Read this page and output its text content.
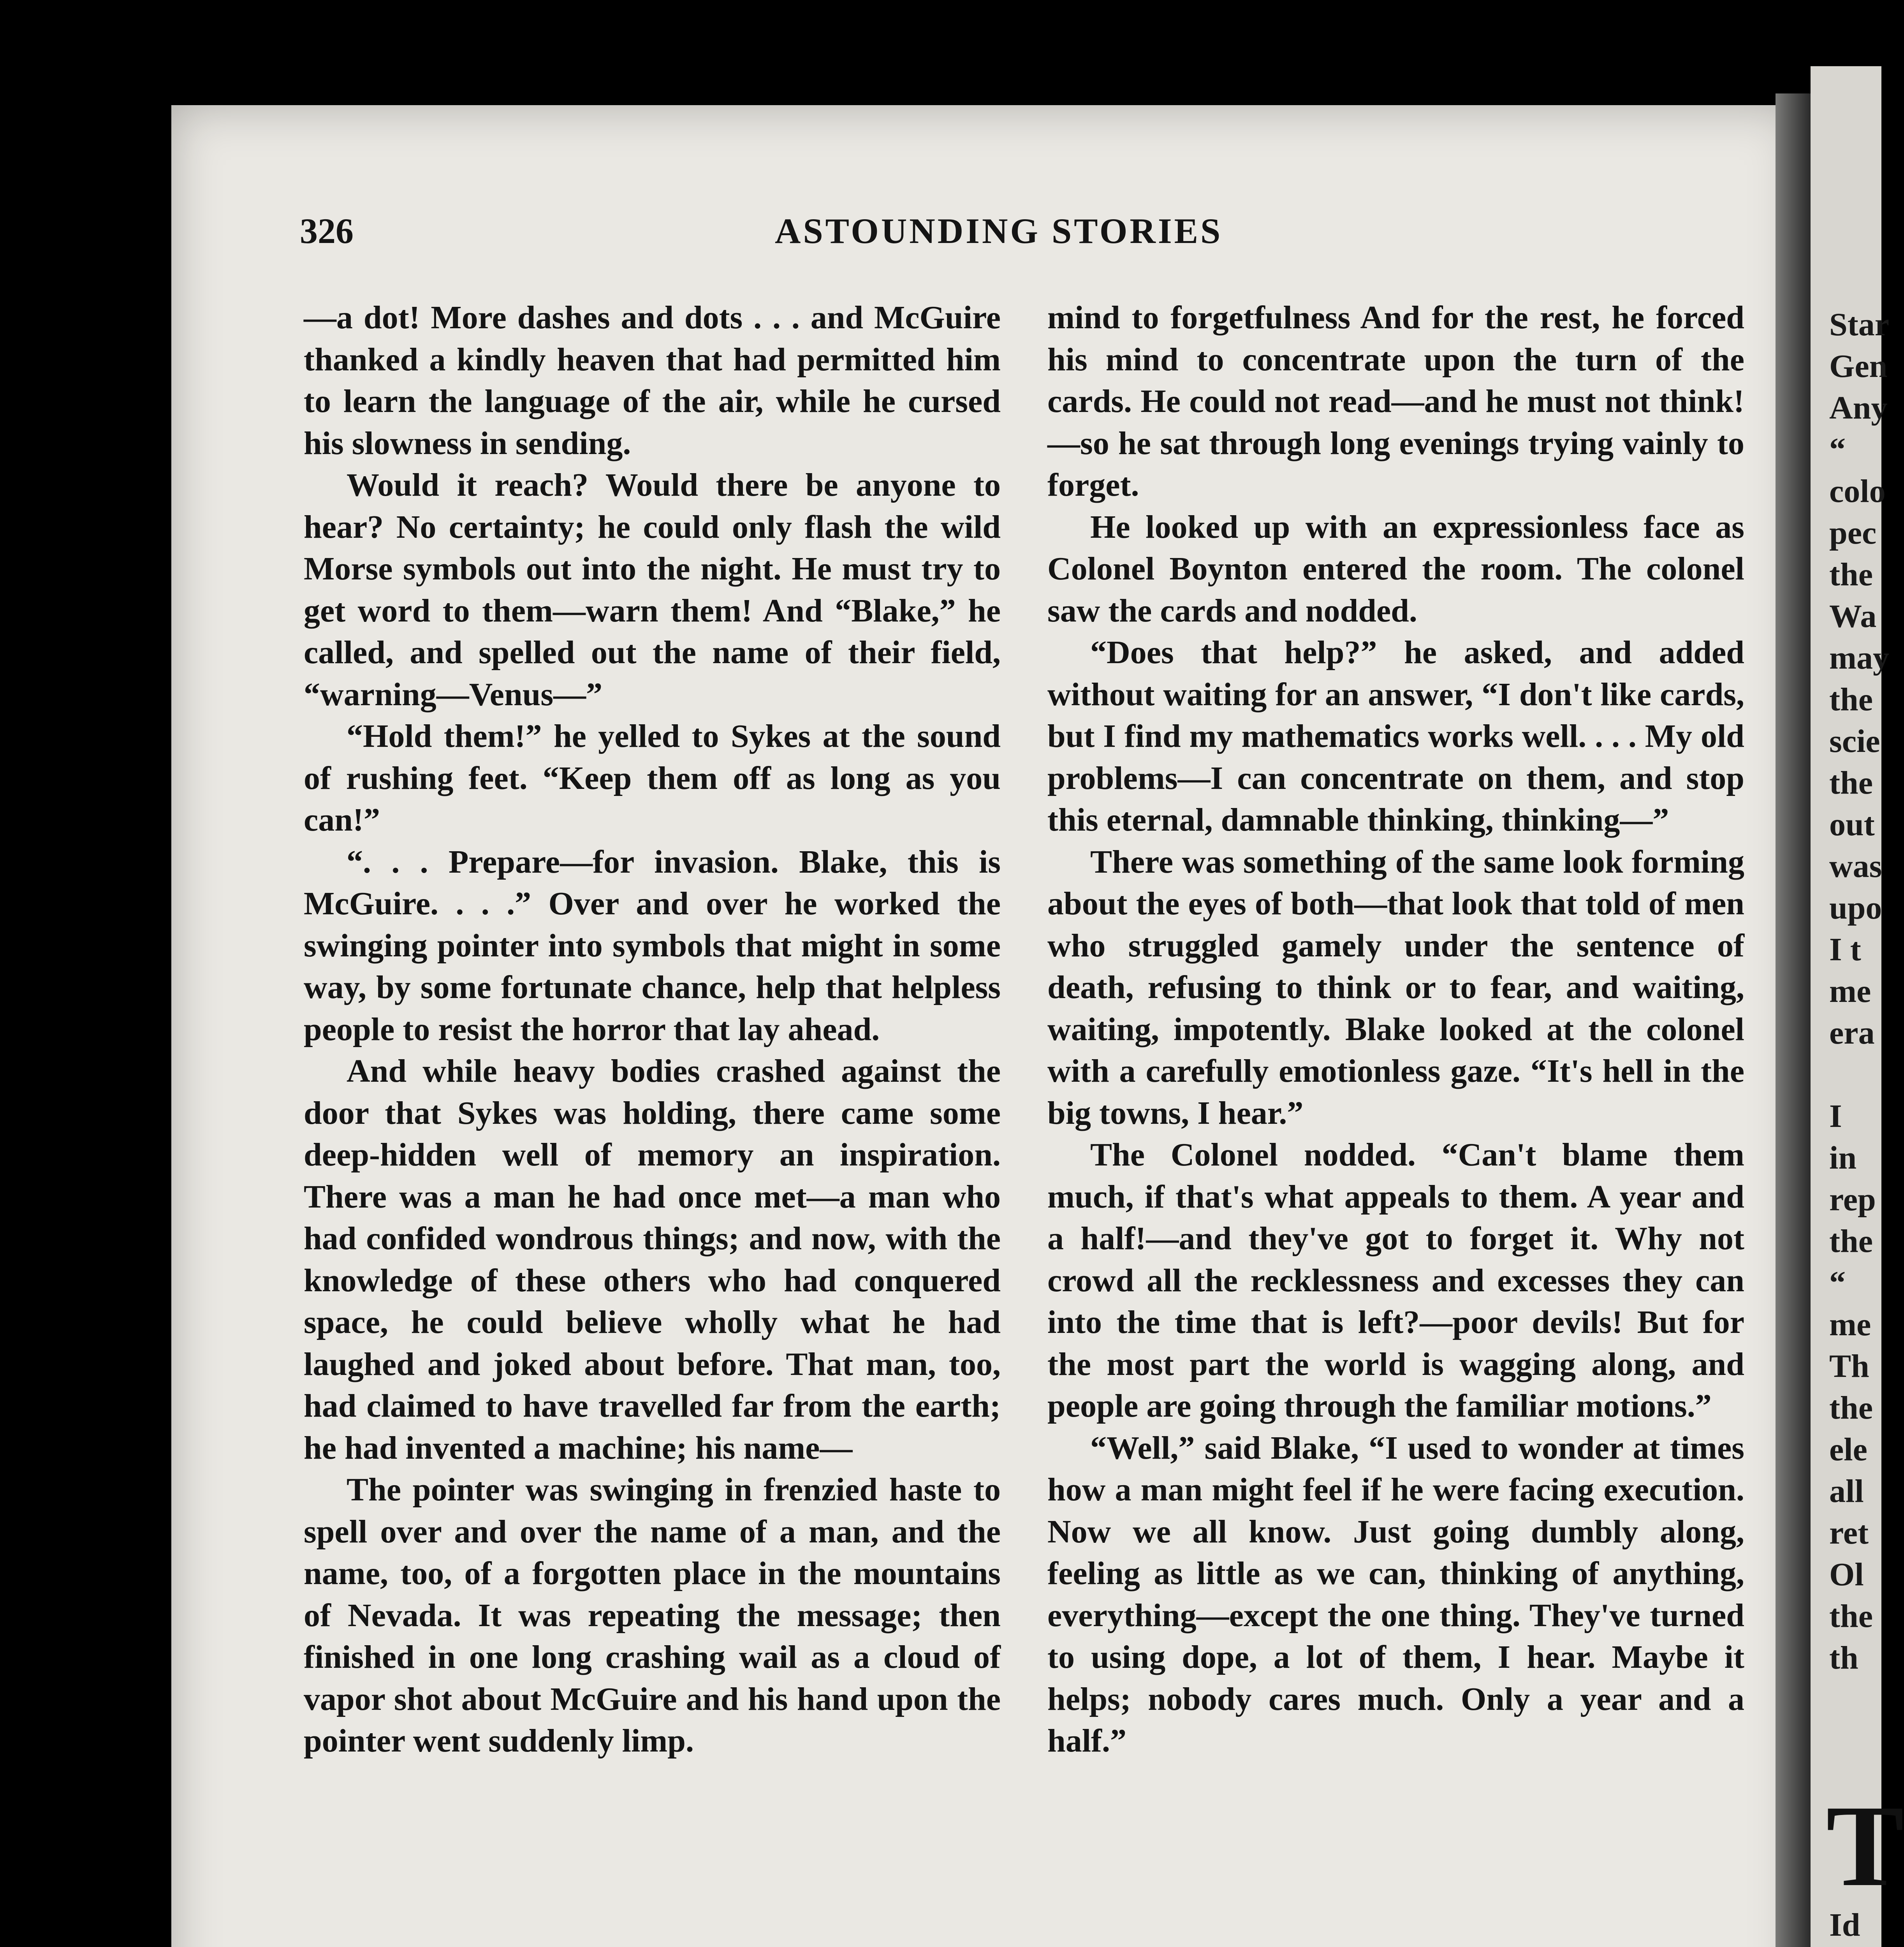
Star
Gen
Any
“
colo
pec
the
Wa
may
the
scie
the
out
was
upo
I t
me
era

I
in
rep
the
“
me
Th
the
ele
all
ret
Ol
the
th
T
Id

326	ASTOUNDING STORIES

—a dot! More dashes and dots . . . and McGuire thanked a kindly heaven that had permitted him to learn the language of the air, while he cursed his slowness in sending.

Would it reach? Would there be anyone to hear? No certainty; he could only flash the wild Morse symbols out into the night. He must try to get word to them—warn them! And “Blake,” he called, and spelled out the name of their field, “warning—Venus—”

“Hold them!” he yelled to Sykes at the sound of rushing feet. “Keep them off as long as you can!”

“. . . Prepare—for invasion. Blake, this is McGuire. . . .” Over and over he worked the swinging pointer into symbols that might in some way, by some fortunate chance, help that helpless people to resist the horror that lay ahead.

And while heavy bodies crashed against the door that Sykes was holding, there came some deep-hidden well of memory an inspiration. There was a man he had once met—a man who had confided wondrous things; and now, with the knowledge of these others who had conquered space, he could believe wholly what he had laughed and joked about before. That man, too, had claimed to have travelled far from the earth; he had invented a machine; his name—

The pointer was swinging in frenzied haste to spell over and over the name of a man, and the name, too, of a forgotten place in the mountains of Nevada. It was repeating the message; then finished in one long crashing wail as a cloud of vapor shot about McGuire and his hand upon the pointer went suddenly limp.

mind to forgetfulness And for the rest, he forced his mind to concentrate upon the turn of the cards. He could not read—and he must not think!—so he sat through long evenings trying vainly to forget.

He looked up with an expressionless face as Colonel Boynton entered the room. The colonel saw the cards and nodded.

“Does that help?” he asked, and added without waiting for an answer, “I don't like cards, but I find my mathematics works well. . . . My old problems—I can concentrate on them, and stop this eternal, damnable thinking, thinking—”

There was something of the same look forming about the eyes of both—that look that told of men who struggled gamely under the sentence of death, refusing to think or to fear, and waiting, waiting, impotently. Blake looked at the colonel with a carefully emotionless gaze. “It's hell in the big towns, I hear.”

The Colonel nodded. “Can't blame them much, if that's what appeals to them. A year and a half!—and they've got to forget it. Why not crowd all the recklessness and excesses they can into the time that is left?—poor devils! But for the most part the world is wagging along, and people are going through the familiar motions.”

“Well,” said Blake, “I used to wonder at times how a man might feel if he were facing execution. Now we all know. Just going dumbly along, feeling as little as we can, thinking of anything, everything—except the one thing. They've turned to using dope, a lot of them, I hear. Maybe it helps; nobody cares much. Only a year and a half.”
